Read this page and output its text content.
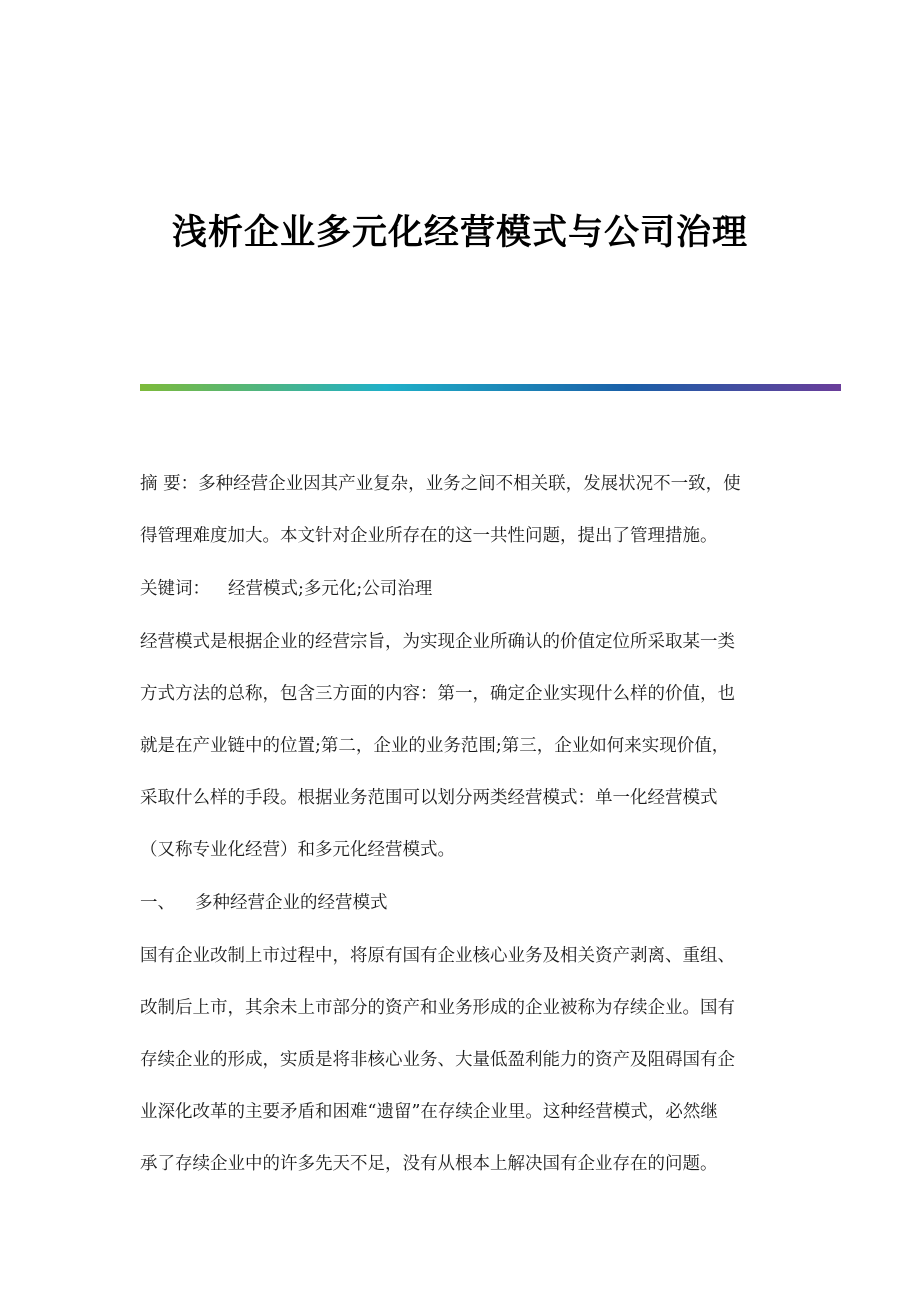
浅析企业多元化经营模式与公司治理

摘 要：多种经营企业因其产业复杂，业务之间不相关联，发展状况不一致，使
得管理难度加大。本文针对企业所存在的这一共性问题，提出了管理措施。

关键词： 经营模式;多元化;公司治理

经营模式是根据企业的经营宗旨，为实现企业所确认的价值定位所采取某一类
方式方法的总称，包含三方面的内容：第一，确定企业实现什么样的价值，也
就是在产业链中的位置;第二，企业的业务范围;第三，企业如何来实现价值，
采取什么样的手段。根据业务范围可以划分两类经营模式：单一化经营模式
（又称专业化经营）和多元化经营模式。

一、 多种经营企业的经营模式

国有企业改制上市过程中，将原有国有企业核心业务及相关资产剥离、重组、
改制后上市，其余未上市部分的资产和业务形成的企业被称为存续企业。国有
存续企业的形成，实质是将非核心业务、大量低盈利能力的资产及阻碍国有企
业深化改革的主要矛盾和困难“遗留”在存续企业里。这种经营模式，必然继
承了存续企业中的许多先天不足，没有从根本上解决国有企业存在的问题。
